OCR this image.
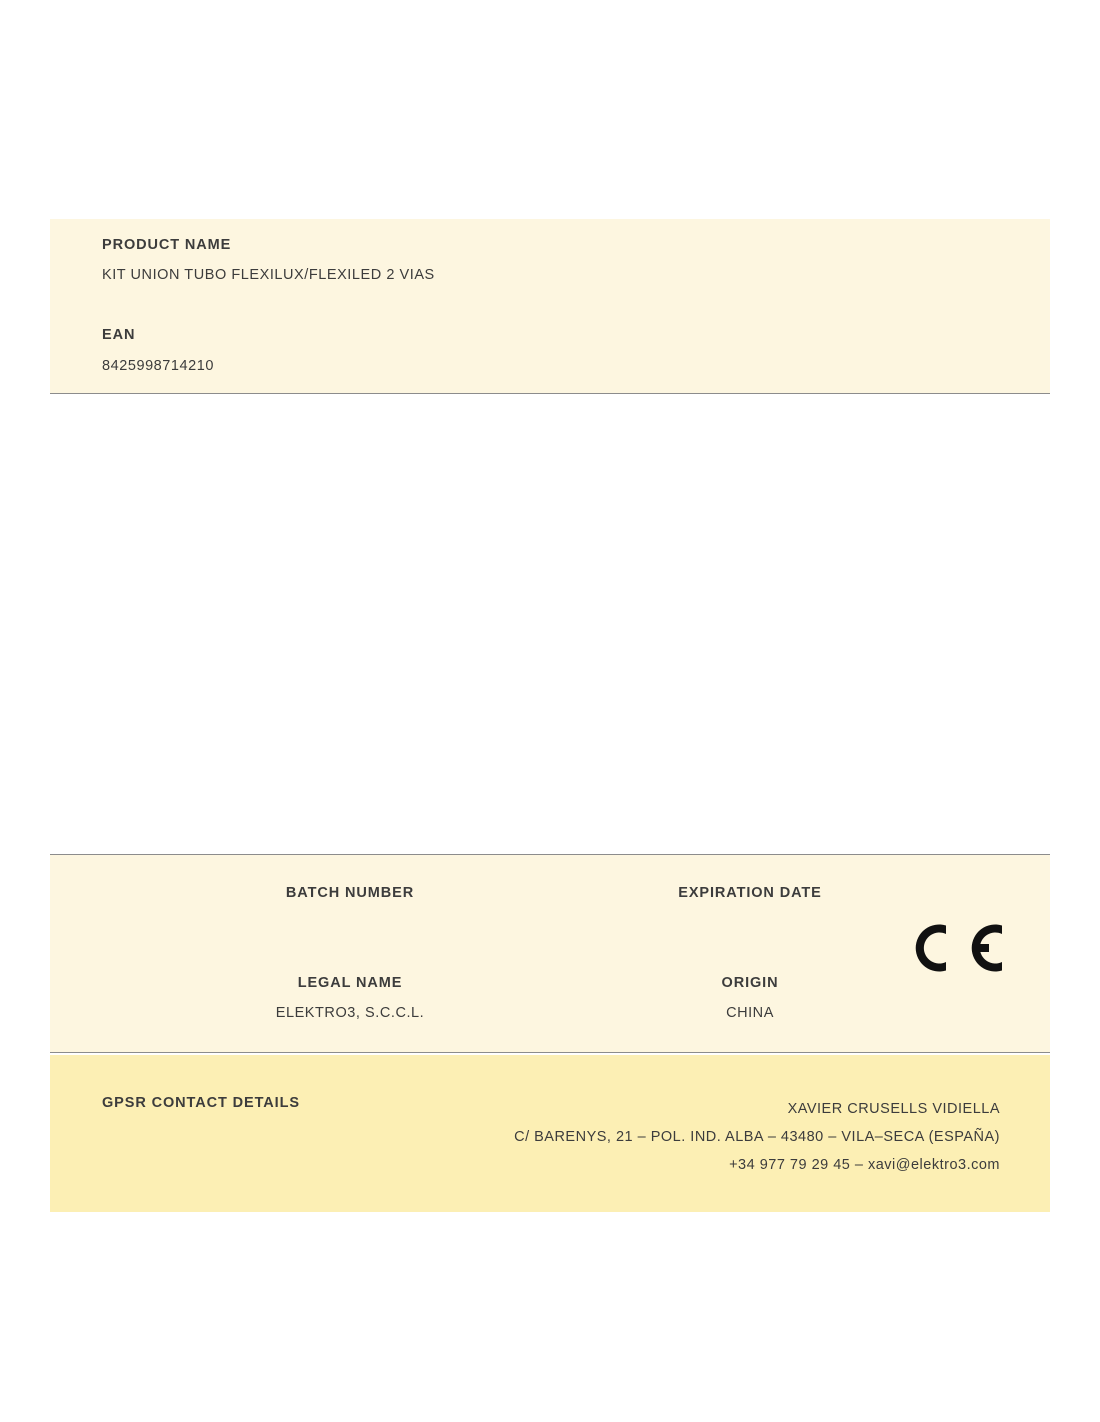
PRODUCT NAME
KIT UNION TUBO FLEXILUX/FLEXILED 2 VIAS
EAN
8425998714210
BATCH NUMBER	EXPIRATION DATE
LEGAL NAME
ELEKTRO3, S.C.C.L.
ORIGIN
CHINA
GPSR CONTACT DETAILS	XAVIER CRUSELLS VIDIELLA
C/ BARENYS, 21 – POL. IND. ALBA – 43480 – VILA–SECA (ESPAÑA)
+34 977 79 29 45 – xavi@elektro3.com
